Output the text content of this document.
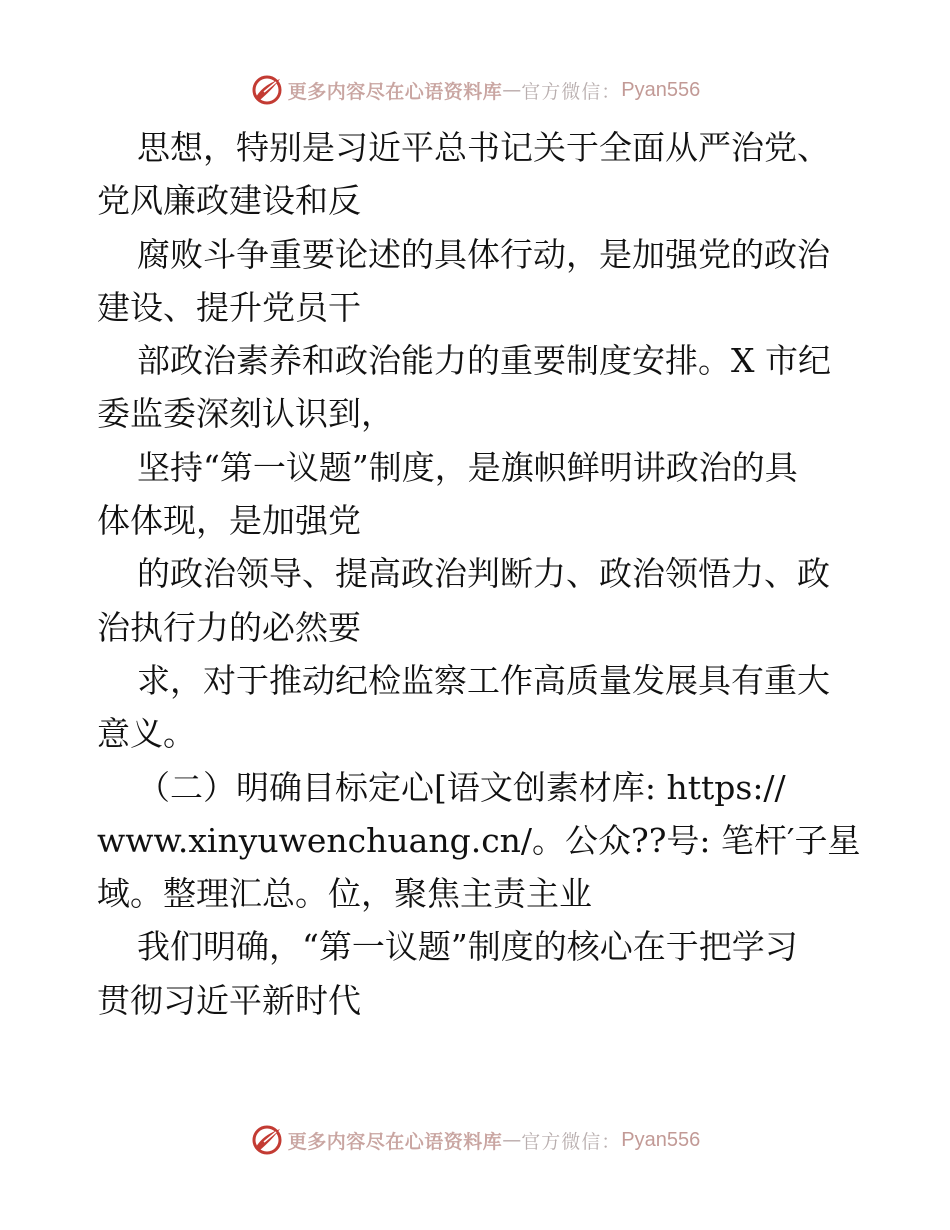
更多内容尽在心语资料库 — 官方微信： Pyan556
思想，特别是习近平总书记关于全面从严治党、
党风廉政建设和反
腐败斗争重要论述的具体行动，是加强党的政治
建设、提升党员干
部政治素养和政治能力的重要制度安排。X 市纪
委监委深刻认识到，
坚持“第一议题”制度，是旗帜鲜明讲政治的具
体体现，是加强党
的政治领导、提高政治判断力、政治领悟力、政
治执行力的必然要
求，对于推动纪检监察工作高质量发展具有重大
意义。
（二）明确目标定心[语文创素材库: https://
www.xinyuwenchuang.cn/。公众??号: 笔杆′子星
域。整理汇总。位，聚焦主责主业
我们明确，“第一议题”制度的核心在于把学习
贯彻习近平新时代
更多内容尽在心语资料库 — 官方微信： Pyan556
